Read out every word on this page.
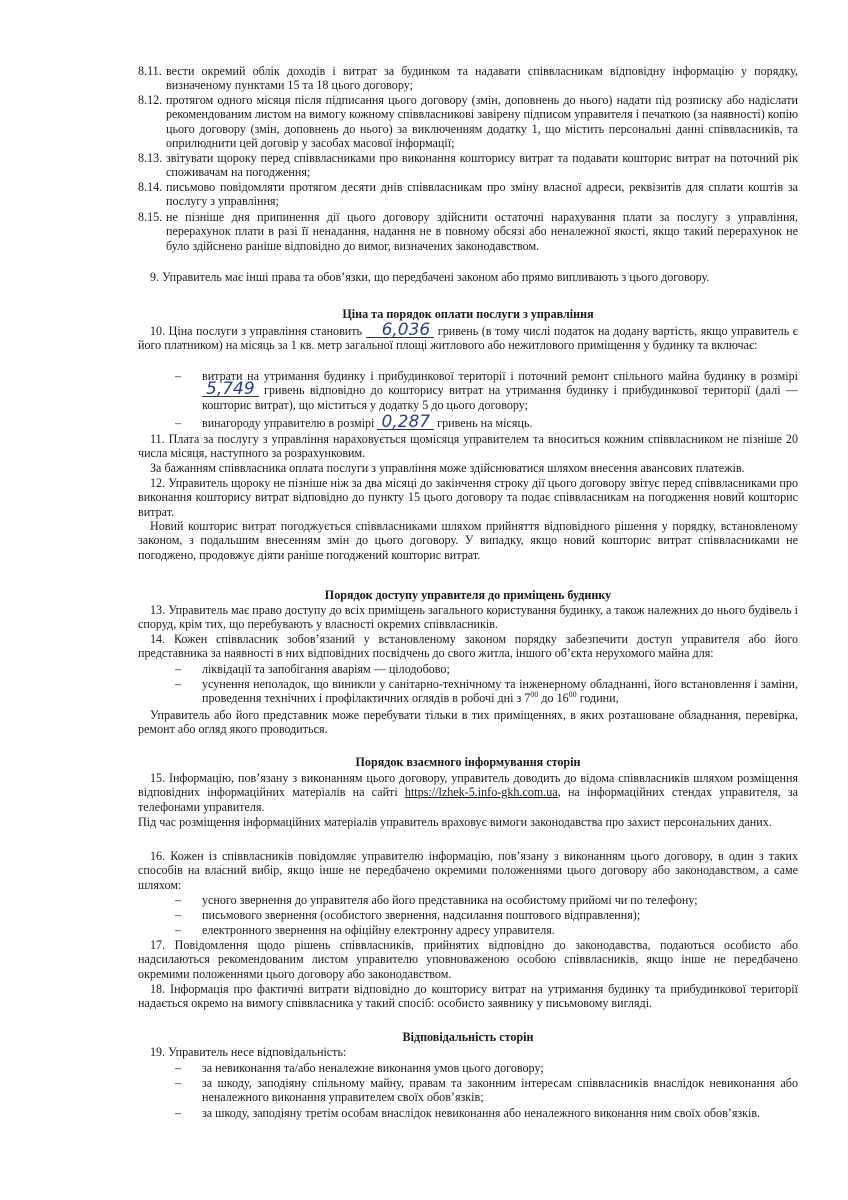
8.11. вести окремий облік доходів і витрат за будинком та надавати співвласникам відповідну інформацію у порядку, визначеному пунктами 15 та 18 цього договору;
8.12. протягом одного місяця після підписання цього договору (змін, доповнень до нього) надати під розписку або надіслати рекомендованим листом на вимогу кожному співвласникові завірену підписом управителя і печаткою (за наявності) копію цього договору (змін, доповнень до нього) за виключенням додатку 1, що містить персональні данні співвласників, та оприлюднити цей договір у засобах масової інформації;
8.13. звітувати щороку перед співвласниками про виконання кошторису витрат та подавати кошторис витрат на поточний рік споживачам на погодження;
8.14. письмово повідомляти протягом десяти днів співвласникам про зміну власної адреси, реквізитів для сплати коштів за послугу з управління;
8.15. не пізніше дня припинення дії цього договору здійснити остаточні нарахування плати за послугу з управління, перерахунок плати в разі її ненадання, надання не в повному обсязі або неналежної якості, якщо такий перерахунок не було здійснено раніше відповідно до вимог, визначених законодавством.
9. Управитель має інші права та обов’язки, що передбачені законом або прямо випливають з цього договору.
Ціна та порядок оплати послуги з управління
10. Ціна послуги з управління становить 6,036 гривень (в тому числі податок на додану вартість, якщо управитель є його платником) на місяць за 1 кв. метр загальної площі житлового або нежитлового приміщення у будинку та включає:
–	витрати на утримання будинку і прибудинкової території і поточний ремонт спільного майна будинку в розмірі 5,749 гривень відповідно до кошторису витрат на утримання будинку і прибудинкової території (далі — кошторис витрат), що міститься у додатку 5 до цього договору;
–	винагороду управителю в розмірі 0,287 гривень на місяць.
11. Плата за послугу з управління нараховується щомісяця управителем та вноситься кожним співвласником не пізніше 20 числа місяця, наступного за розрахунковим.
За бажанням співвласника оплата послуги з управління може здійснюватися шляхом внесення авансових платежів.
12. Управитель щороку не пізніше ніж за два місяці до закінчення строку дії цього договору звітує перед співвласниками про виконання кошторису витрат відповідно до пункту 15 цього договору та подає співвласникам на погодження новий кошторис витрат.
Новий кошторис витрат погоджується співвласниками шляхом прийняття відповідного рішення у порядку, встановленому законом, з подальшим внесенням змін до цього договору. У випадку, якщо новий кошторис витрат співвласниками не погоджено, продовжує діяти раніше погоджений кошторис витрат.
Порядок доступу управителя до приміщень будинку
13. Управитель має право доступу до всіх приміщень загального користування будинку, а також належних до нього будівель і споруд, крім тих, що перебувають у власності окремих співвласників.
14. Кожен співвласник зобов’язаний у встановленому законом порядку забезпечити доступ управителя або його представника за наявності в них відповідних посвідчень до свого житла, іншого об’єкта нерухомого майна для:
–	ліквідації та запобігання аваріям — цілодобово;
–	усунення неполадок, що виникли у санітарно-технічному та інженерному обладнанні, його встановлення і заміни, проведення технічних і профілактичних оглядів в робочі дні з $7^{00}$ до $16^{00}$ години,
Управитель або його представник може перебувати тільки в тих приміщеннях, в яких розташоване обладнання, перевірка, ремонт або огляд якого проводиться.
Порядок взаємного інформування сторін
15. Інформацію, пов’язану з виконанням цього договору, управитель доводить до відома співвласників шляхом розміщення відповідних інформаційних матеріалів на сайті https://lzhek-5.info-gkh.com.ua, на інформаційних стендах управителя, за телефонами управителя.
Під час розміщення інформаційних матеріалів управитель враховує вимоги законодавства про захист персональних даних.
16. Кожен із співвласників повідомляє управителю інформацію, пов’язану з виконанням цього договору, в один з таких способів на власний вибір, якщо інше не передбачено окремими положеннями цього договору або законодавством, а саме шляхом:
–	усного звернення до управителя або його представника на особистому прийомі чи по телефону;
–	письмового звернення (особистого звернення, надсилання поштового відправлення);
–	електронного звернення на офіційну електронну адресу управителя.
17. Повідомлення щодо рішень співвласників, прийнятих відповідно до законодавства, подаються особисто або надсилаються рекомендованим листом управителю уповноваженою особою співвласників, якщо інше не передбачено окремими положеннями цього договору або законодавством.
18. Інформація про фактичні витрати відповідно до кошторису витрат на утримання будинку та прибудинкової території надається окремо на вимогу співвласника у такий спосіб: особисто заявнику у письмовому вигляді.
Відповідальність сторін
19. Управитель несе відповідальність:
–	за невиконання та/або неналежне виконання умов цього договору;
–	за шкоду, заподіяну спільному майну, правам та законним інтересам співвласників внаслідок невиконання або неналежного виконання управителем своїх обов’язків;
–	за шкоду, заподіяну третім особам внаслідок невиконання або неналежного виконання ним своїх обов’язків.
